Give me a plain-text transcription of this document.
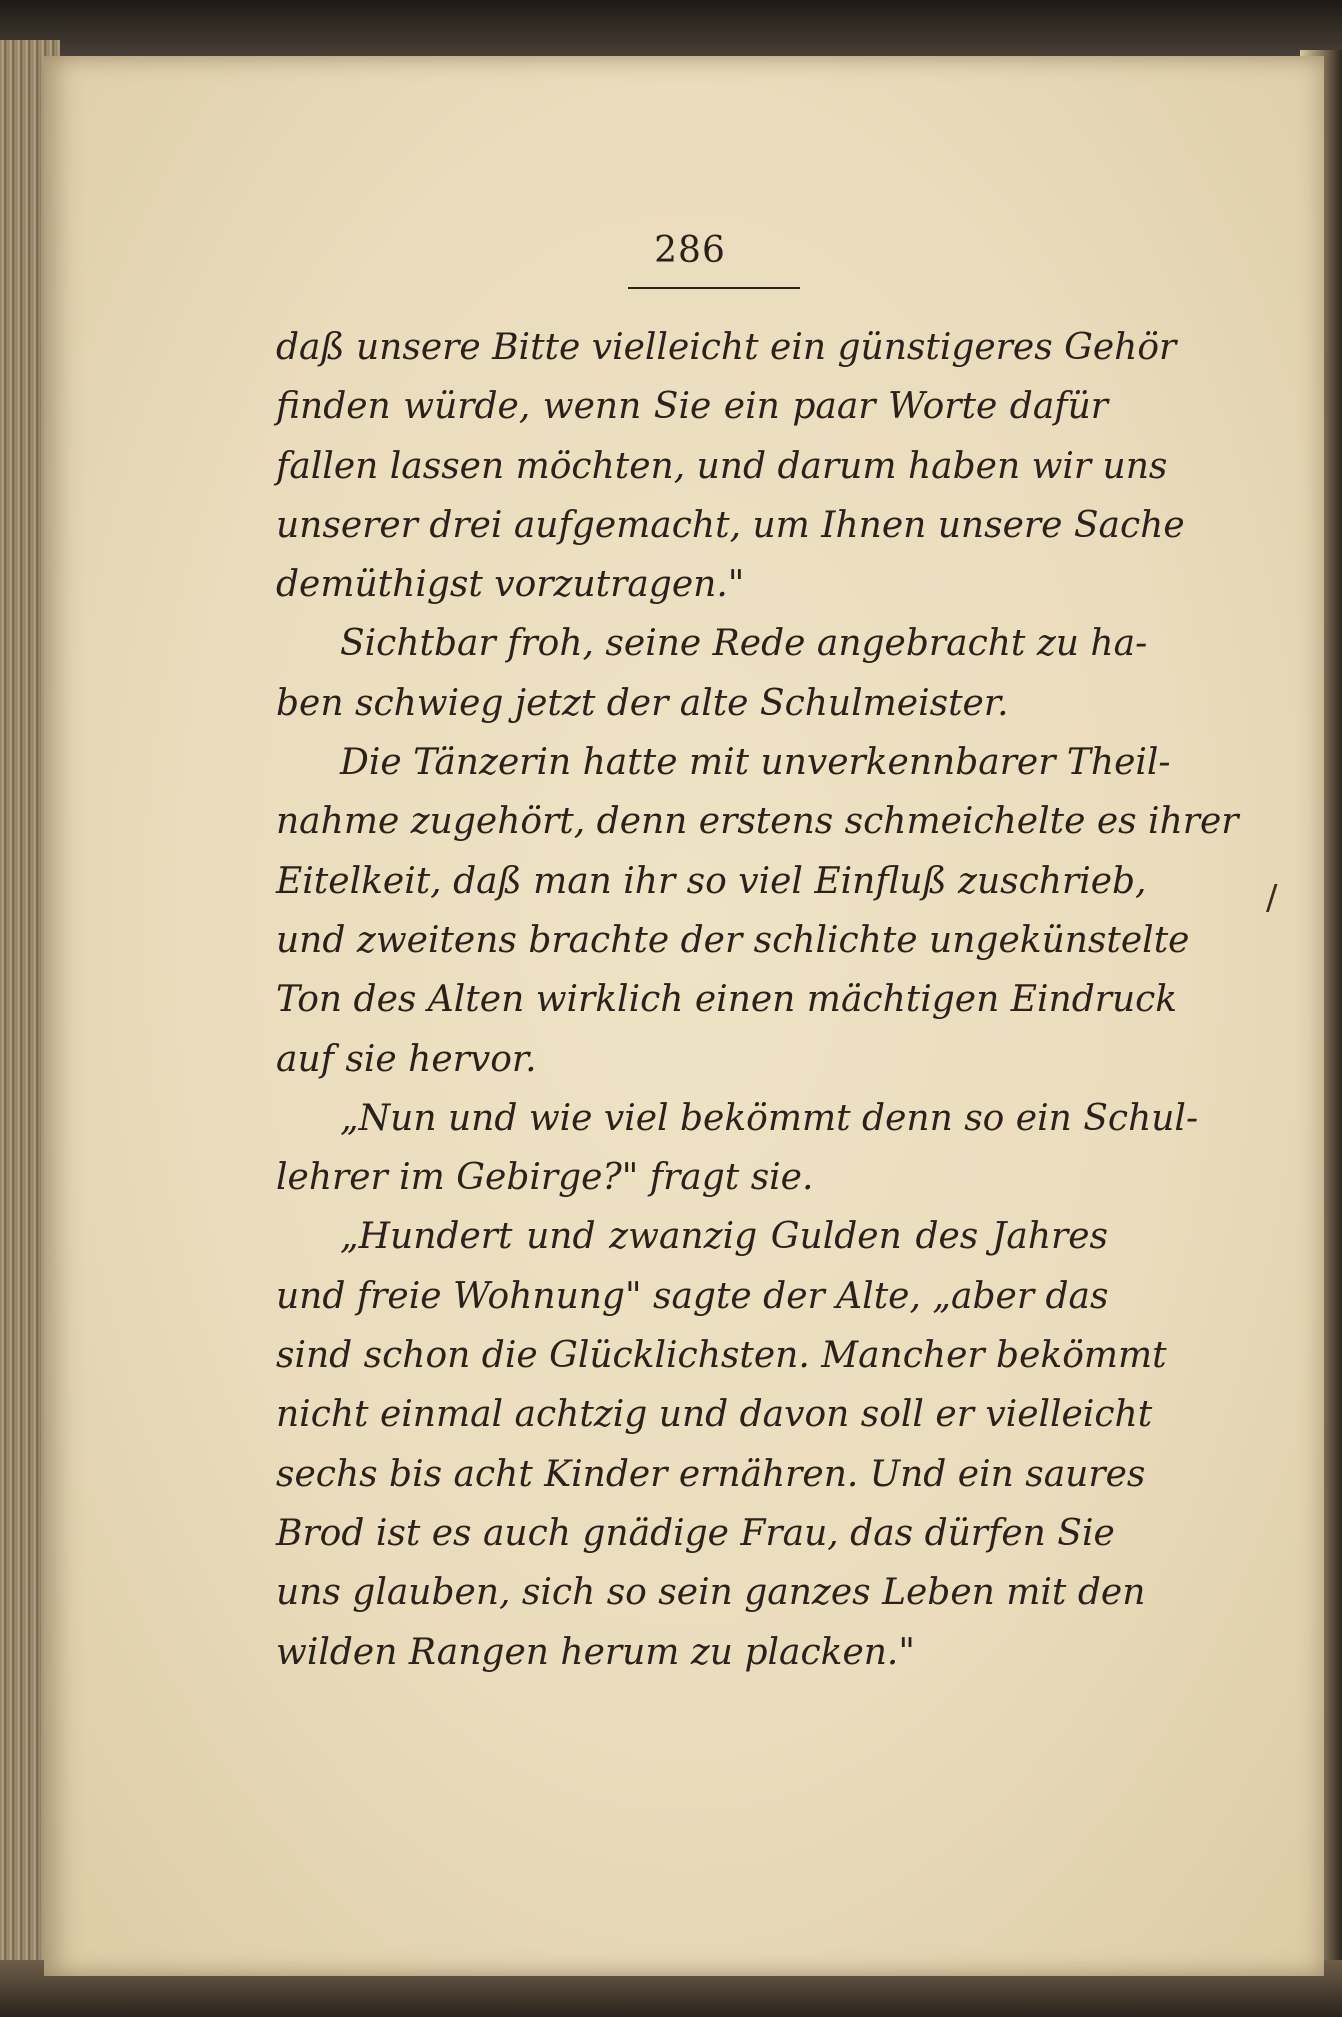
286
daß unsere Bitte vielleicht ein günstigeres Gehör
finden würde, wenn Sie ein paar Worte dafür
fallen lassen möchten, und darum haben wir uns
unserer drei aufgemacht, um Ihnen unsere Sache
demüthigst vorzutragen."
Sichtbar froh, seine Rede angebracht zu ha-
ben schwieg jetzt der alte Schulmeister.
Die Tänzerin hatte mit unverkennbarer Theil-
nahme zugehört, denn erstens schmeichelte es ihrer
Eitelkeit, daß man ihr so viel Einfluß zuschrieb,
und zweitens brachte der schlichte ungekünstelte
Ton des Alten wirklich einen mächtigen Eindruck
auf sie hervor.
„Nun und wie viel bekömmt denn so ein Schul-
lehrer im Gebirge?" fragt sie.
„Hundert und zwanzig Gulden des Jahres
und freie Wohnung" sagte der Alte, „aber das
sind schon die Glücklichsten. Mancher bekömmt
nicht einmal achtzig und davon soll er vielleicht
sechs bis acht Kinder ernähren. Und ein saures
Brod ist es auch gnädige Frau, das dürfen Sie
uns glauben, sich so sein ganzes Leben mit den
wilden Rangen herum zu placken."
/
